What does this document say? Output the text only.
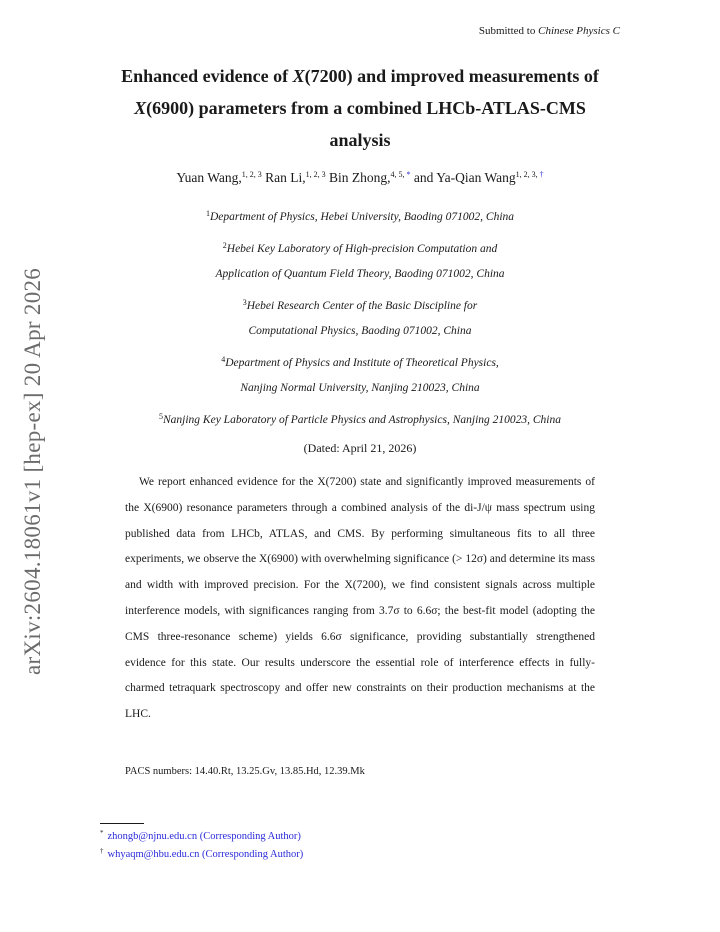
Submitted to Chinese Physics C
arXiv:2604.18061v1 [hep-ex] 20 Apr 2026
Enhanced evidence of X(7200) and improved measurements of
X(6900) parameters from a combined LHCb-ATLAS-CMS
analysis
Yuan Wang,$^{1, 2, 3}$ Ran Li,$^{1, 2, 3}$ Bin Zhong,$^{4, 5, *}$ and Ya-Qian Wang$^{1, 2, 3, \dagger}$
$^1$Department of Physics, Hebei University, Baoding 071002, China
$^2$Hebei Key Laboratory of High-precision Computation and
Application of Quantum Field Theory, Baoding 071002, China
$^3$Hebei Research Center of the Basic Discipline for
Computational Physics, Baoding 071002, China
$^4$Department of Physics and Institute of Theoretical Physics,
Nanjing Normal University, Nanjing 210023, China
$^5$Nanjing Key Laboratory of Particle Physics and Astrophysics, Nanjing 210023, China
(Dated: April 21, 2026)
We report enhanced evidence for the X(7200) state and significantly improved measurements of the X(6900) resonance parameters through a combined analysis of the di-J/ψ mass spectrum using published data from LHCb, ATLAS, and CMS. By performing simultaneous fits to all three experiments, we observe the X(6900) with overwhelming significance (> 12σ) and determine its mass and width with improved precision. For the X(7200), we find consistent signals across multiple interference models, with significances ranging from 3.7σ to 6.6σ; the best-fit model (adopting the CMS three-resonance scheme) yields 6.6σ significance, providing substantially strengthened evidence for this state. Our results underscore the essential role of interference effects in fully-charmed tetraquark spectroscopy and offer new constraints on their production mechanisms at the LHC.
PACS numbers: 14.40.Rt, 13.25.Gv, 13.85.Hd, 12.39.Mk
* zhongb@njnu.edu.cn (Corresponding Author)
† whyaqm@hbu.edu.cn (Corresponding Author)
